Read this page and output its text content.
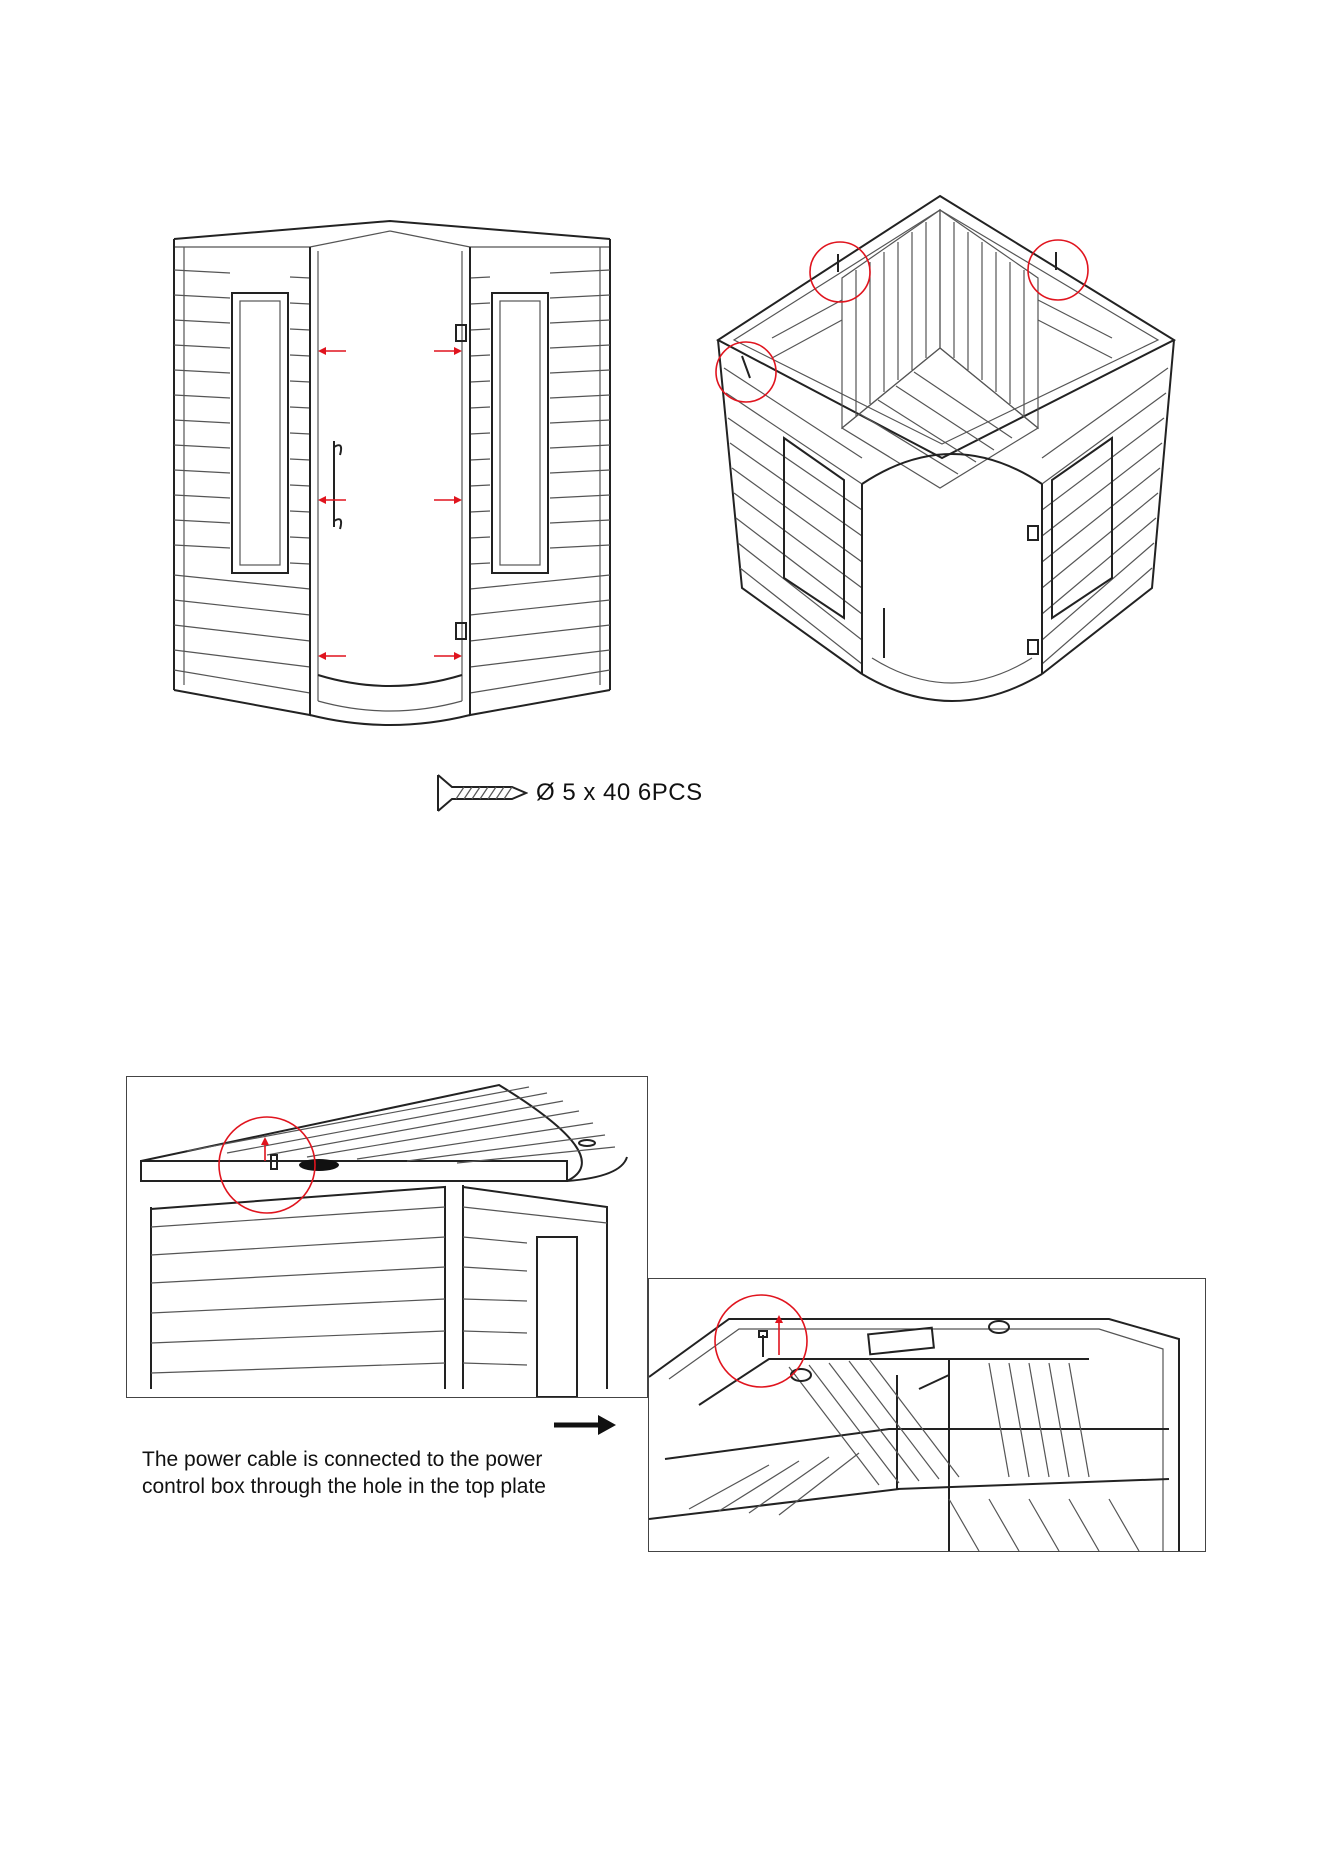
Ø 5 x 40 6PCS
The power cable is connected to the power
control box through the hole in the top plate
